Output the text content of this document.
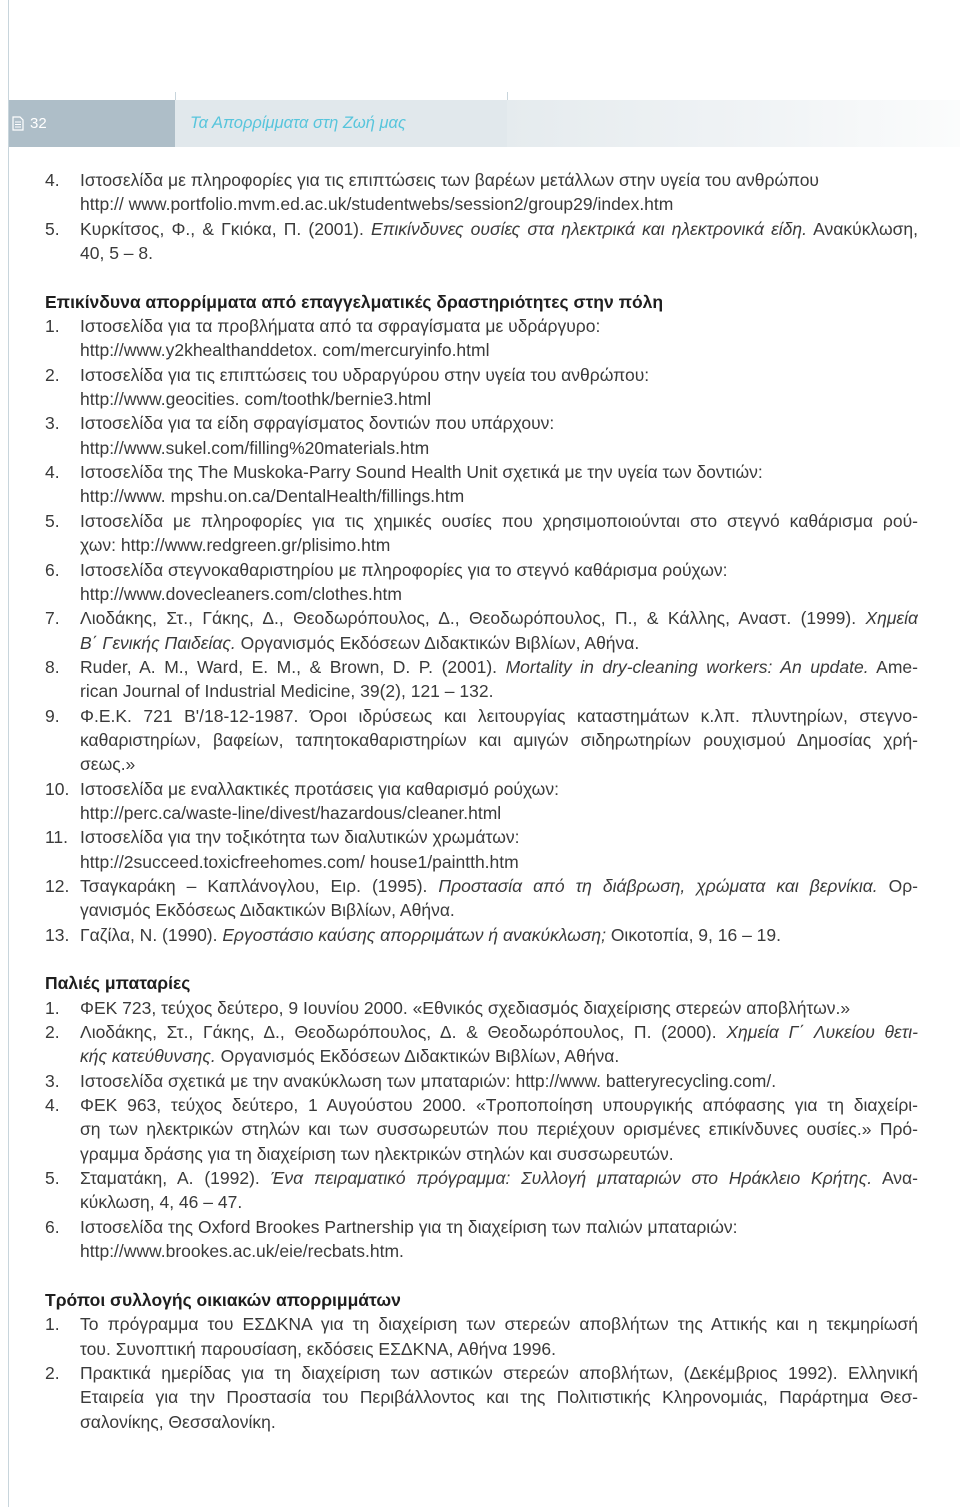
32	Τα Απορρίμματα στη Ζωή μας
4. Ιστοσελίδα με πληροφορίες για τις επιπτώσεις των βαρέων μετάλλων στην υγεία του ανθρώπου
http:// www.portfolio.mvm.ed.ac.uk/studentwebs/session2/group29/index.htm
5. Κυρκίτσος, Φ., & Γκιόκα, Π. (2001). Επικίνδυνες ουσίες στα ηλεκτρικά και ηλεκτρονικά είδη. Ανακύκλωση,
40, 5 – 8.
Επικίνδυνα απορρίμματα από επαγγελματικές δραστηριότητες στην πόλη
1. Ιστοσελίδα για τα προβλήματα από τα σφραγίσματα με υδράργυρο:
http://www.y2khealthanddetox. com/mercuryinfo.html
2. Ιστοσελίδα για τις επιπτώσεις του υδραργύρου στην υγεία του ανθρώπου:
http://www.geocities. com/toothk/bernie3.html
3. Ιστοσελίδα για τα είδη σφραγίσματος δοντιών που υπάρχουν:
http://www.sukel.com/filling%20materials.htm
4. Ιστοσελίδα της The Muskoka-Parry Sound Health Unit σχετικά με την υγεία των δοντιών:
http://www. mpshu.on.ca/DentalHealth/fillings.htm
5. Ιστοσελίδα με πληροφορίες για τις χημικές ουσίες που χρησιμοποιούνται στο στεγνό καθάρισμα ρού-
χων: http://www.redgreen.gr/plisimo.htm
6. Ιστοσελίδα στεγνοκαθαριστηρίου με πληροφορίες για το στεγνό καθάρισμα ρούχων:
http://www.dovecleaners.com/clothes.htm
7. Λιοδάκης, Στ., Γάκης, Δ., Θεοδωρόπουλος, Δ., Θεοδωρόπουλος, Π., & Κάλλης, Αναστ. (1999). Χημεία
Β΄ Γενικής Παιδείας. Οργανισμός Εκδόσεων Διδακτικών Βιβλίων, Αθήνα.
8. Ruder, A. M., Ward, E. M., & Brown, D. P. (2001). Mortality in dry-cleaning workers: An update. Ame-
rican Journal of Industrial Medicine, 39(2), 121 – 132.
9. Φ.Ε.Κ. 721 Β'/18-12-1987. Όροι ιδρύσεως και λειτουργίας καταστημάτων κ.λπ. πλυντηρίων, στεγνο-
καθαριστηρίων, βαφείων, ταπητοκαθαριστηρίων και αμιγών σιδηρωτηρίων ρουχισμού Δημοσίας χρή-
σεως.»
10. Ιστοσελίδα με εναλλακτικές προτάσεις για καθαρισμό ρούχων:
http://perc.ca/waste-line/divest/hazardous/cleaner.html
11. Ιστοσελίδα για την τοξικότητα των διαλυτικών χρωμάτων:
http://2succeed.toxicfreehomes.com/ house1/paintth.htm
12. Τσαγκαράκη – Καπλάνογλου, Ειρ. (1995). Προστασία από τη διάβρωση, χρώματα και βερνίκια. Ορ-
γανισμός Εκδόσεως Διδακτικών Βιβλίων, Αθήνα.
13. Γαζίλα, Ν. (1990). Εργοστάσιο καύσης απορριμάτων ή ανακύκλωση; Οικοτοπία, 9, 16 – 19.
Παλιές μπαταρίες
1. ΦΕΚ 723, τεύχος δεύτερο, 9 Ιουνίου 2000. «Εθνικός σχεδιασμός διαχείρισης στερεών αποβλήτων.»
2. Λιοδάκης, Στ., Γάκης, Δ., Θεοδωρόπουλος, Δ. & Θεοδωρόπουλος, Π. (2000). Χημεία Γ΄ Λυκείου θετι-
κής κατεύθυνσης. Οργανισμός Εκδόσεων Διδακτικών Βιβλίων, Αθήνα.
3. Ιστοσελίδα σχετικά με την ανακύκλωση των μπαταριών: http://www. batteryrecycling.com/.
4. ΦΕΚ 963, τεύχος δεύτερο, 1 Αυγούστου 2000. «Τροποποίηση υπουργικής απόφασης για τη διαχείρι-
ση των ηλεκτρικών στηλών και των συσσωρευτών που περιέχουν ορισμένες επικίνδυνες ουσίες.» Πρό-
γραμμα δράσης για τη διαχείριση των ηλεκτρικών στηλών και συσσωρευτών.
5. Σταματάκη, Α. (1992). Ένα πειραματικό πρόγραμμα: Συλλογή μπαταριών στο Ηράκλειο Κρήτης. Ανα-
κύκλωση, 4, 46 – 47.
6. Ιστοσελίδα της Oxford Brookes Partnership για τη διαχείριση των παλιών μπαταριών:
http://www.brookes.ac.uk/eie/recbats.htm.
Τρόποι συλλογής οικιακών απορριμμάτων
1. Το πρόγραμμα του ΕΣΔΚΝΑ για τη διαχείριση των στερεών αποβλήτων της Αττικής και η τεκμηρίωσή
του. Συνοπτική παρουσίαση, εκδόσεις ΕΣΔΚΝΑ, Αθήνα 1996.
2. Πρακτικά ημερίδας για τη διαχείριση των αστικών στερεών αποβλήτων, (Δεκέμβριος 1992). Ελληνική
Εταιρεία για την Προστασία του Περιβάλλοντος και της Πολιτιστικής Κληρονομιάς, Παράρτημα Θεσ-
σαλονίκης, Θεσσαλονίκη.
